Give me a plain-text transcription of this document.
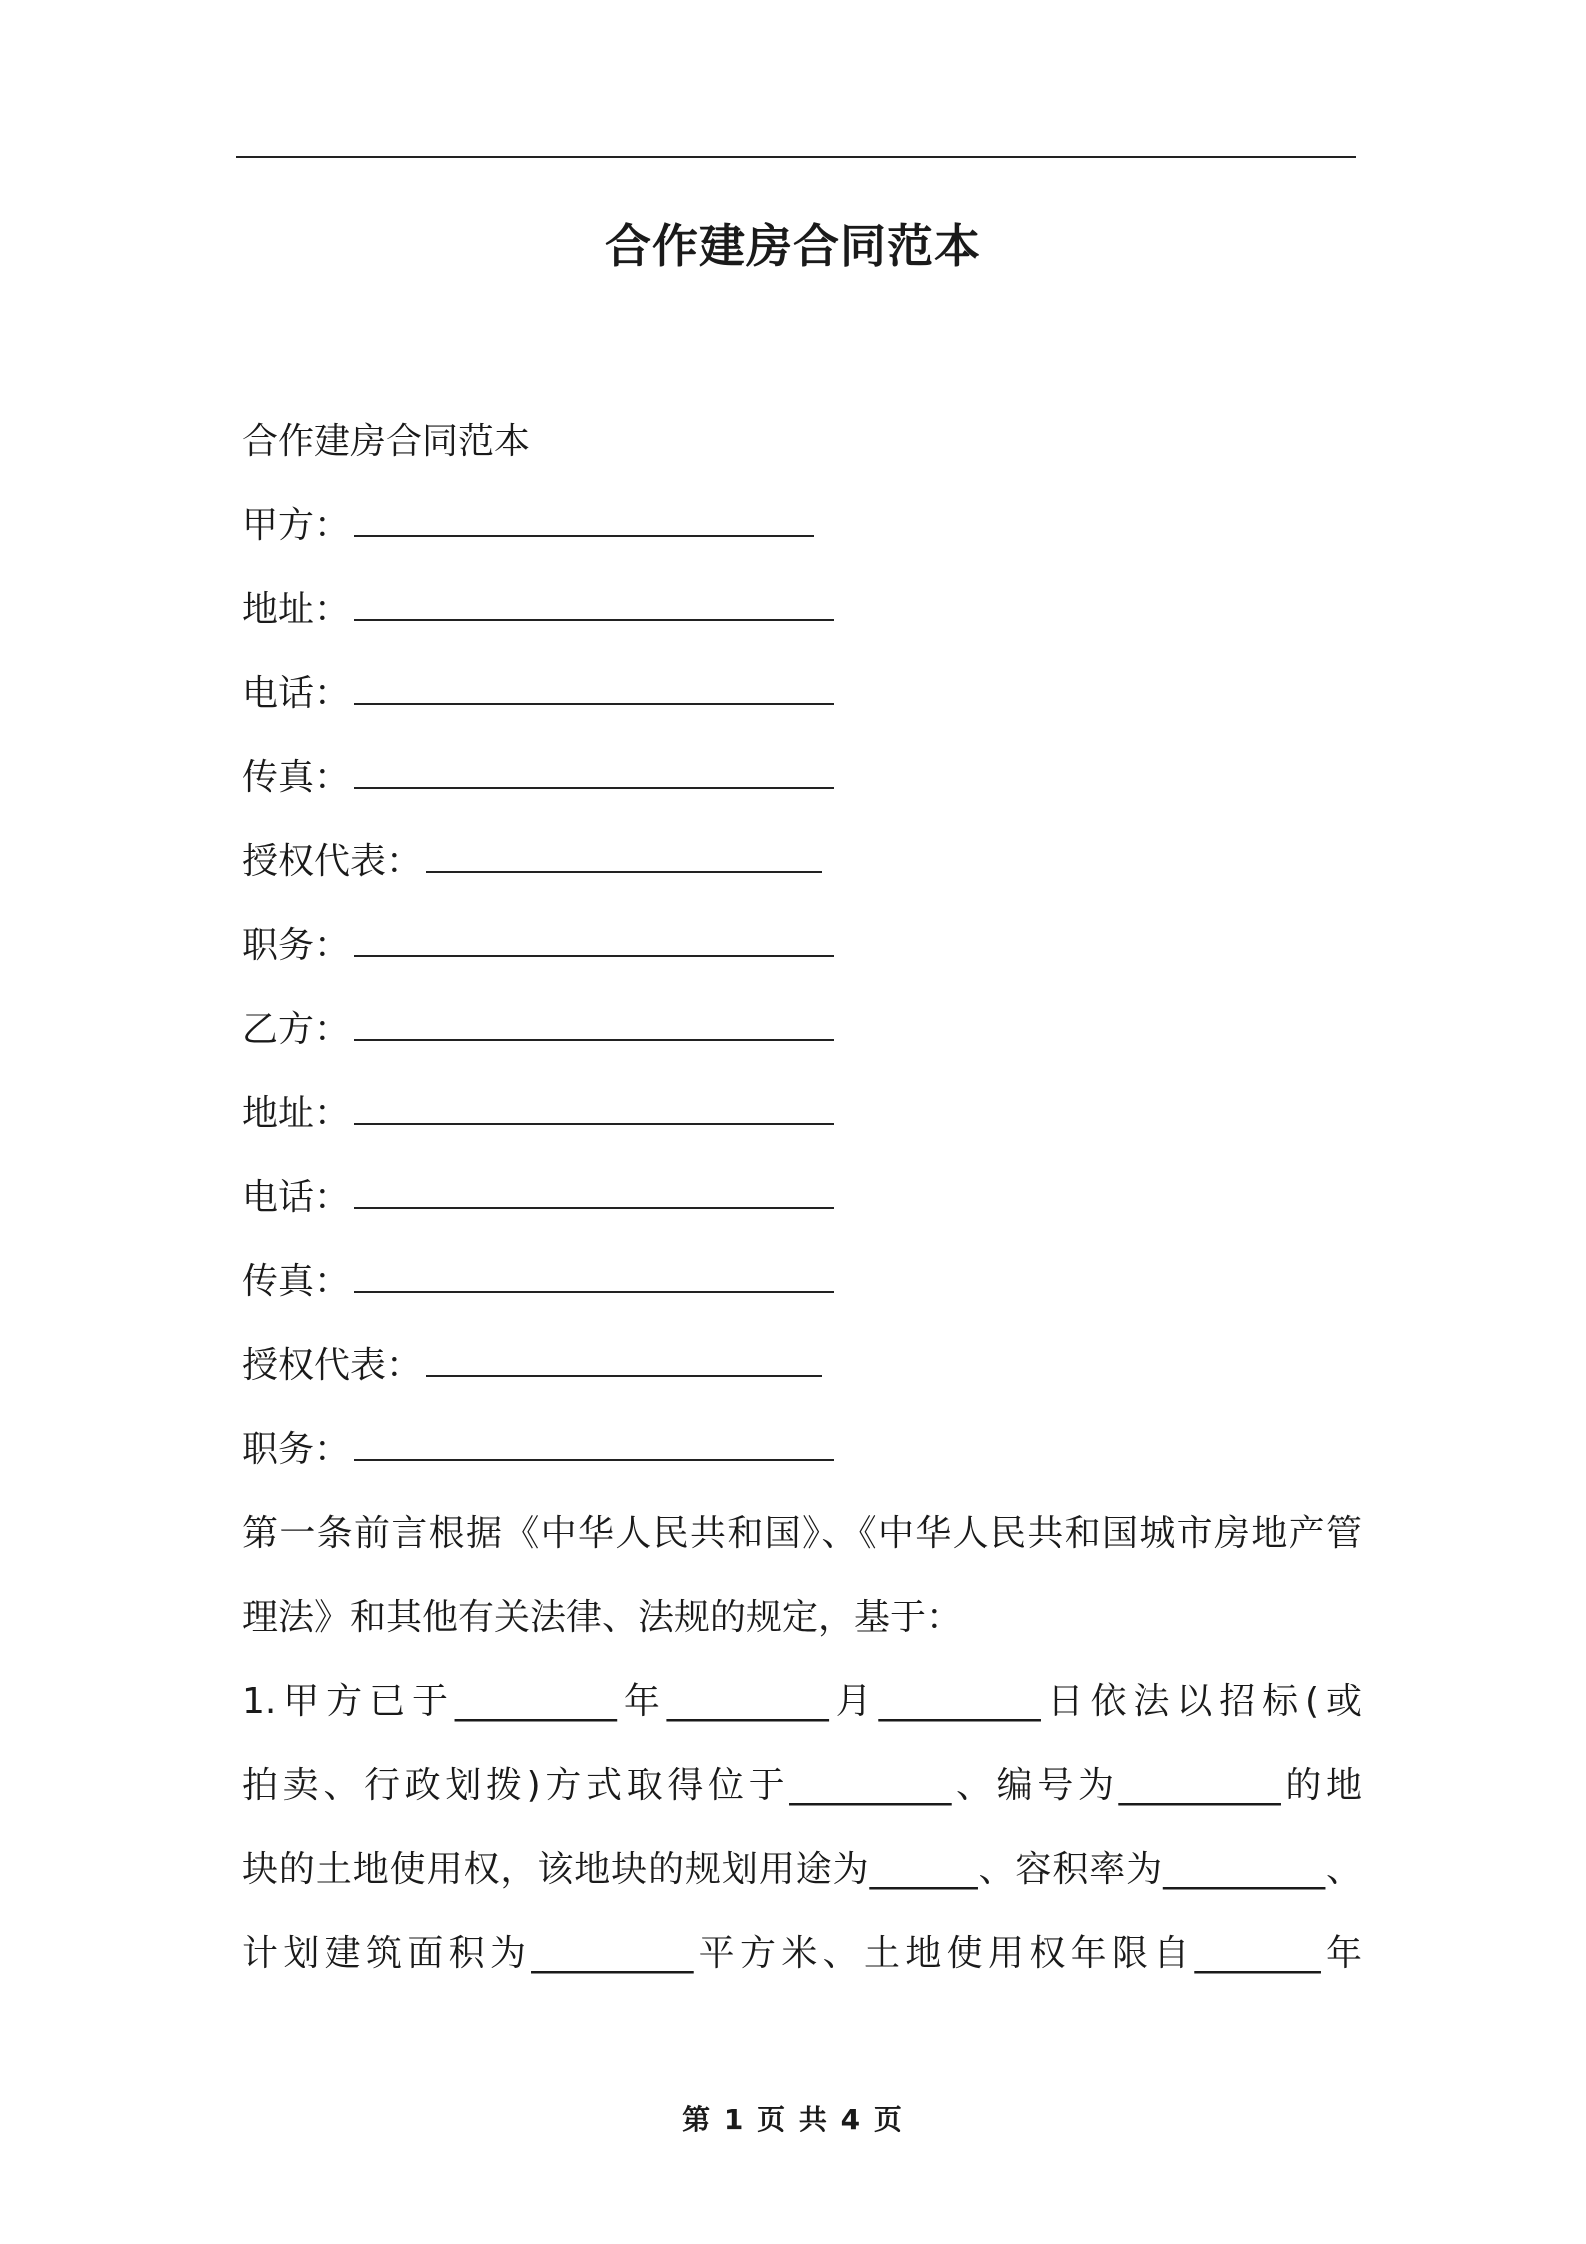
合作建房合同范本
合作建房合同范本
甲方：
地址：
电话：
传真：
授权代表：
职务：
乙方：
地址：
电话：
传真：
授权代表：
职务：
第一条前言根据《中华人民共和国》、《中华人民共和国城市房地产管
理法》和其他有关法律、法规的规定，基于：
1.甲方已于_________年_________月_________日依法以招标(或
拍卖、行政划拨)方式取得位于_________、编号为_________的地
块的土地使用权，该地块的规划用途为______、容积率为_________、
计划建筑面积为_________平方米、土地使用权年限自_______年
第 1 页 共 4 页
